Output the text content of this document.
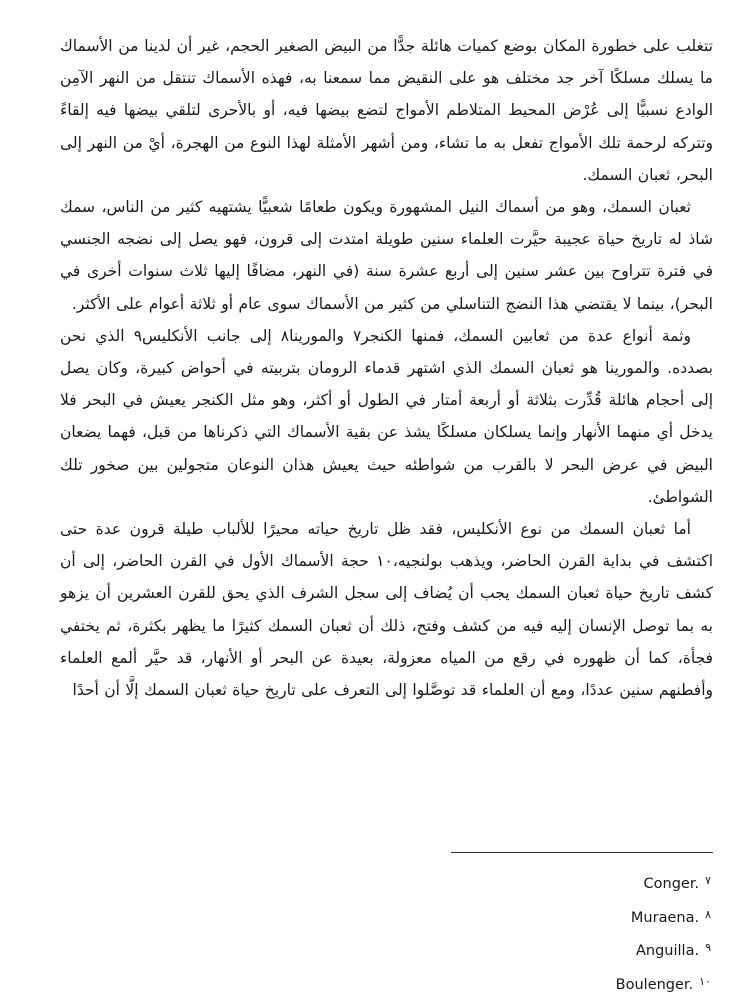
تتغلب على خطورة المكان بوضع كميات هائلة جدًّا من البيض الصغير الحجم، غير أن لدينا من الأسماك ما يسلك مسلكًا آخر جد مختلف هو على النقيض مما سمعنا به، فهذه الأسماك تنتقل من النهر الآمِن الوادع نسبيًّا إلى عُرْض المحيط المتلاطم الأمواج لتضع بيضها فيه، أو بالأحرى لتلقي بيضها فيه إلقاءً وتتركه لرحمة تلك الأمواج تفعل به ما تشاء، ومن أشهر الأمثلة لهذا النوع من الهجرة، أيْ من النهر إلى البحر، ثعبان السمك.

ثعبان السمك، وهو من أسماك النيل المشهورة ويكون طعامًا شعبيًّا يشتهيه كثير من الناس، سمك شاذ له تاريخ حياة عجيبة حيَّرت العلماء سنين طويلة امتدت إلى قرون، فهو يصل إلى نضجه الجنسي في فترة تتراوح بين عشر سنين إلى أربع عشرة سنة (في النهر، مضافًا إليها ثلاث سنوات أخرى في البحر)، بينما لا يقتضي هذا النضج التناسلي من كثير من الأسماك سوى عام أو ثلاثة أعوام على الأكثر.

وثمة أنواع عدة من ثعابين السمك، فمنها الكنجر٧ والمورينا٨ إلى جانب الأنكليس٩ الذي نحن بصدده. والمورينا هو ثعبان السمك الذي اشتهر قدماء الرومان بتربيته في أحواض كبيرة، وكان يصل إلى أحجام هائلة قُدِّرت بثلاثة أو أربعة أمتار في الطول أو أكثر، وهو مثل الكنجر يعيش في البحر فلا يدخل أي منهما الأنهار وإنما يسلكان مسلكًا يشذ عن بقية الأسماك التي ذكرناها من قبل، فهما يضعان البيض في عرض البحر لا بالقرب من شواطئه حيث يعيش هذان النوعان متجولين بين صخور تلك الشواطئ.

أما ثعبان السمك من نوع الأنكليس، فقد ظل تاريخ حياته محيرًا للألباب طيلة قرون عدة حتى اكتشف في بداية القرن الحاضر، ويذهب بولنجيه،١٠ حجة الأسماك الأول في القرن الحاضر، إلى أن كشف تاريخ حياة ثعبان السمك يجب أن يُضاف إلى سجل الشرف الذي يحق للقرن العشرين أن يزهو به بما توصل الإنسان إليه فيه من كشف وفتح، ذلك أن ثعبان السمك كثيرًا ما يظهر بكثرة، ثم يختفي فجأة، كما أن ظهوره في رقع من المياه معزولة، بعيدة عن البحر أو الأنهار، قد حيَّر ألمع العلماء وأفطنهم سنين عددًا، ومع أن العلماء قد توصَّلوا إلى التعرف على تاريخ حياة ثعبان السمك إلَّا أن أحدًا

٧Conger.
٨Muraena.
٩Anguilla.
١٠Boulenger.
